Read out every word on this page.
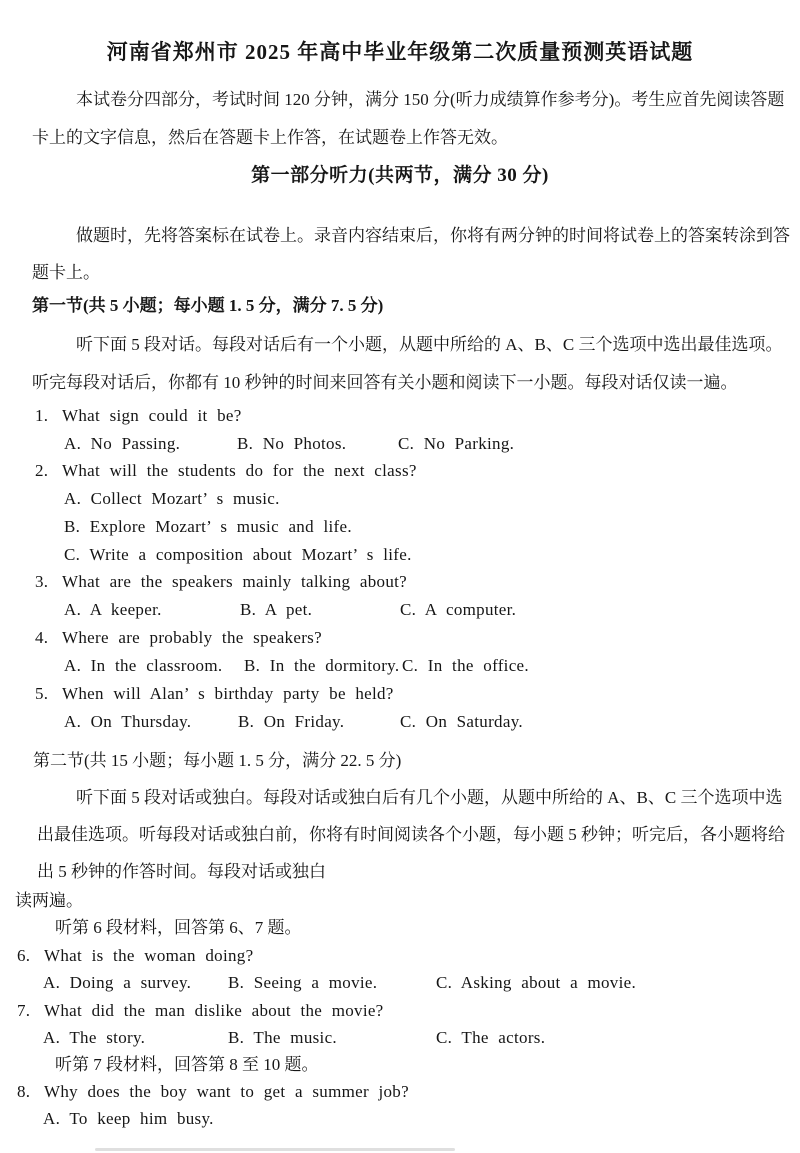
河南省郑州市 2025 年高中毕业年级第二次质量预测英语试题
本试卷分四部分，考试时间 120 分钟，满分 150 分(听力成绩算作参考分)。考生应首先阅读答题
卡上的文字信息，然后在答题卡上作答，在试题卷上作答无效。
第一部分听力(共两节，满分 30 分)
做题时，先将答案标在试卷上。录音内容结束后，你将有两分钟的时间将试卷上的答案转涂到答
题卡上。
第一节(共 5 小题；每小题 1. 5 分，满分 7. 5 分)
听下面 5 段对话。每段对话后有一个小题，从题中所给的 A、B、C 三个选项中选出最佳选项。
听完每段对话后，你都有 10 秒钟的时间来回答有关小题和阅读下一小题。每段对话仅读一遍。
1. What sign could it be?
A. No Passing.	B. No Photos.	C. No Parking.
2. What will the students do for the next class?
A. Collect Mozart’ s music.
B. Explore Mozart’ s music and life.
C. Write a composition about Mozart’ s life.
3. What are the speakers mainly talking about?
A. A keeper.	B. A pet.	C. A computer.
4. Where are probably the speakers?
A. In the classroom. B. In the dormitory. C. In the office.
5. When will Alan’ s birthday party be held?
A. On Thursday.	B. On Friday.	C. On Saturday.
第二节(共 15 小题；每小题 1. 5 分，满分 22. 5 分)
听下面 5 段对话或独白。每段对话或独白后有几个小题，从题中所给的 A、B、C 三个选项中选
出最佳选项。听每段对话或独白前，你将有时间阅读各个小题，每小题 5 秒钟；听完后，各小题将给
出 5 秒钟的作答时间。每段对话或独白
读两遍。
听第 6 段材料，回答第 6、7 题。
6. What is the woman doing?
A. Doing a survey. B. Seeing a movie.	C. Asking about a movie.
7. What did the man dislike about the movie?
A. The story.	B. The music.	C. The actors.
听第 7 段材料，回答第 8 至 10 题。
8. Why does the boy want to get a summer job?
A. To keep him busy.
